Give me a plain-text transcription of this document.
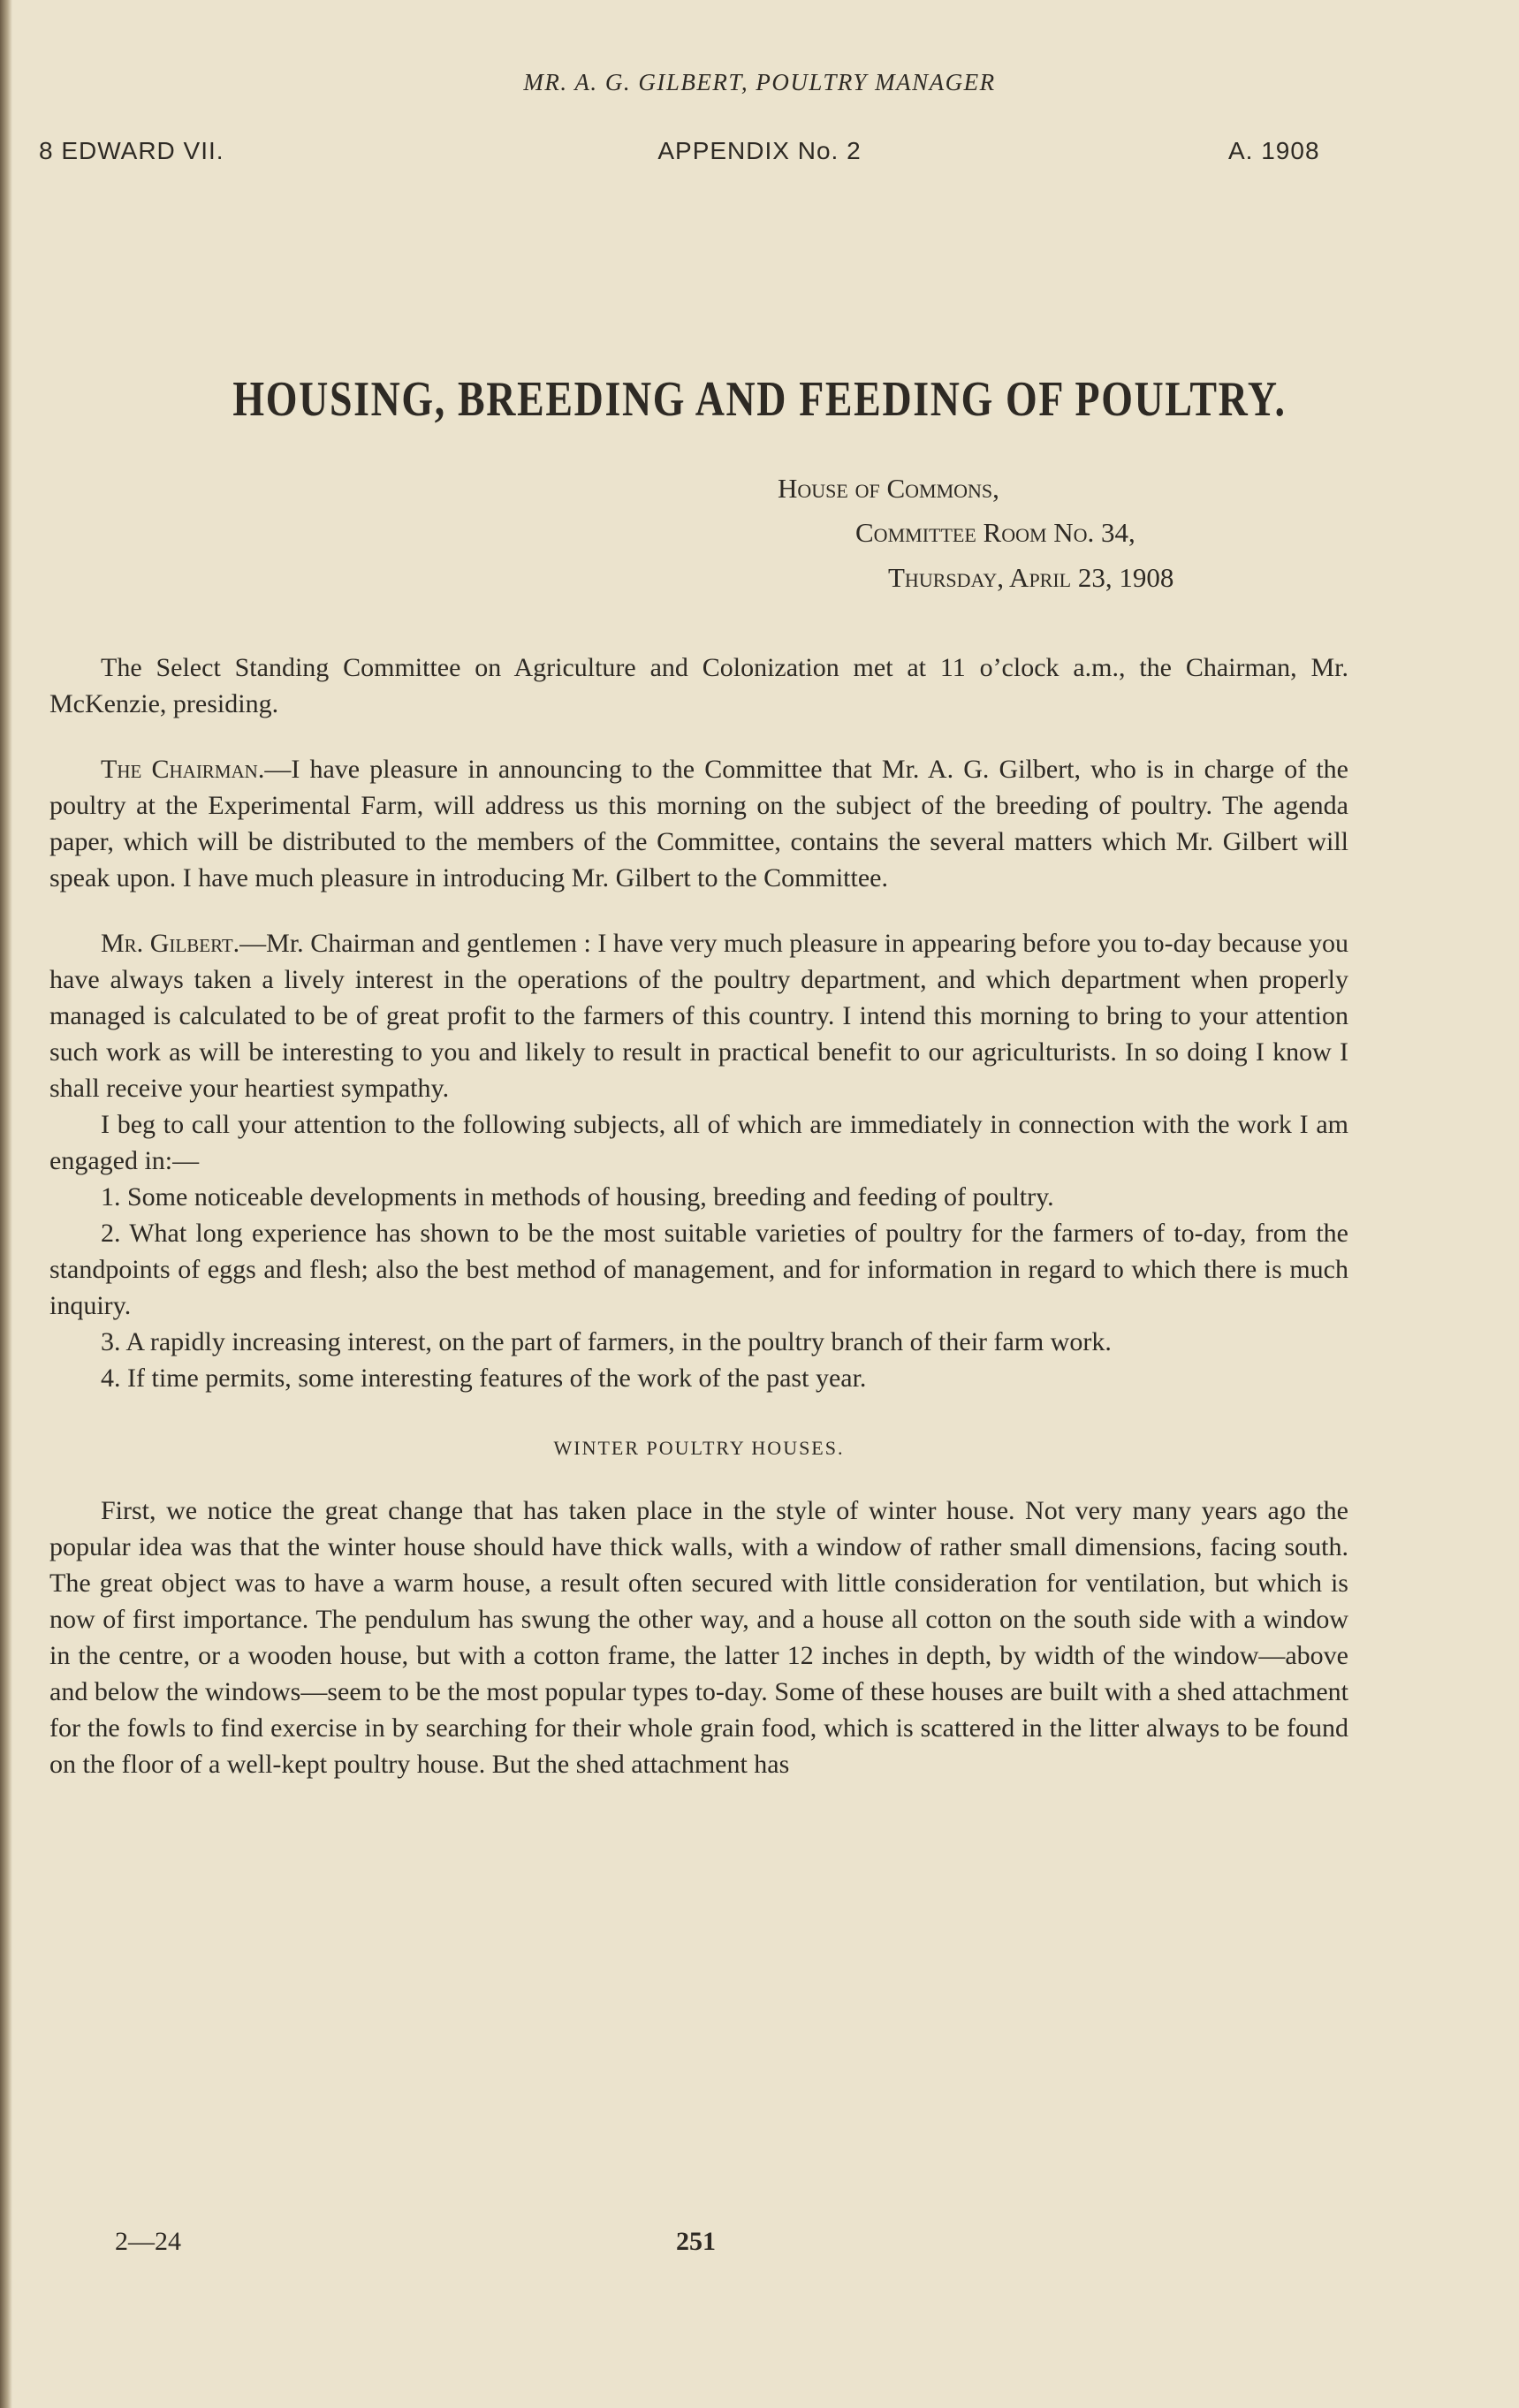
MR. A. G. GILBERT, POULTRY MANAGER
8 EDWARD VII.	APPENDIX No. 2	A. 1908
HOUSING, BREEDING AND FEEDING OF POULTRY.
House of Commons,
Committee Room No. 34,
Thursday, April 23, 1908

The Select Standing Committee on Agriculture and Colonization met at 11 o’clock a.m., the Chairman, Mr. McKenzie, presiding.

The Chairman.—I have pleasure in announcing to the Committee that Mr. A. G. Gilbert, who is in charge of the poultry at the Experimental Farm, will address us this morning on the subject of the breeding of poultry. The agenda paper, which will be distributed to the members of the Committee, contains the several matters which Mr. Gilbert will speak upon. I have much pleasure in introducing Mr. Gilbert to the Committee.

Mr. Gilbert.—Mr. Chairman and gentlemen : I have very much pleasure in appearing before you to-day because you have always taken a lively interest in the operations of the poultry department, and which department when properly managed is calculated to be of great profit to the farmers of this country. I intend this morning to bring to your attention such work as will be interesting to you and likely to result in practical benefit to our agriculturists. In so doing I know I shall receive your heartiest sympathy.

I beg to call your attention to the following subjects, all of which are immediately in connection with the work I am engaged in:—

1. Some noticeable developments in methods of housing, breeding and feeding of poultry.

2. What long experience has shown to be the most suitable varieties of poultry for the farmers of to-day, from the standpoints of eggs and flesh; also the best method of management, and for information in regard to which there is much inquiry.

3. A rapidly increasing interest, on the part of farmers, in the poultry branch of their farm work.

4. If time permits, some interesting features of the work of the past year.

WINTER POULTRY HOUSES.

First, we notice the great change that has taken place in the style of winter house. Not very many years ago the popular idea was that the winter house should have thick walls, with a window of rather small dimensions, facing south. The great object was to have a warm house, a result often secured with little consideration for ventilation, but which is now of first importance. The pendulum has swung the other way, and a house all cotton on the south side with a window in the centre, or a wooden house, but with a cotton frame, the latter 12 inches in depth, by width of the window—above and below the windows—seem to be the most popular types to-day. Some of these houses are built with a shed attachment for the fowls to find exercise in by searching for their whole grain food, which is scattered in the litter always to be found on the floor of a well-kept poultry house. But the shed attachment has

2—24	251
